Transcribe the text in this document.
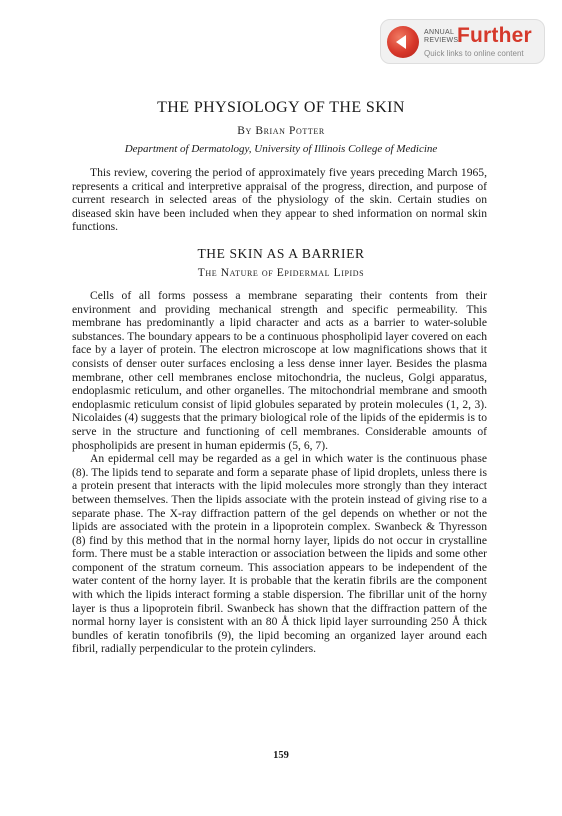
ANNUAL REVIEWS
Further
Quick links to online content
THE PHYSIOLOGY OF THE SKIN
By Brian Potter
Department of Dermatology, University of Illinois College of Medicine

This review, covering the period of approximately five years preceding March 1965, represents a critical and interpretive appraisal of the progress, direction, and purpose of current research in selected areas of the physiology of the skin. Certain studies on diseased skin have been included when they appear to shed information on normal skin functions.

THE SKIN AS A BARRIER
The Nature of Epidermal Lipids

Cells of all forms possess a membrane separating their contents from their environment and providing mechanical strength and specific permeability. This membrane has predominantly a lipid character and acts as a barrier to water-soluble substances. The boundary appears to be a continuous phospholipid layer covered on each face by a layer of protein. The electron microscope at low magnifications shows that it consists of denser outer surfaces enclosing a less dense inner layer. Besides the plasma membrane, other cell membranes enclose mitochondria, the nucleus, Golgi apparatus, endoplasmic reticulum, and other organelles. The mitochondrial membrane and smooth endoplasmic reticulum consist of lipid globules separated by protein molecules (1, 2, 3). Nicolaides (4) suggests that the primary biological role of the lipids of the epidermis is to serve in the structure and functioning of cell membranes. Considerable amounts of phospholipids are present in human epidermis (5, 6, 7).

An epidermal cell may be regarded as a gel in which water is the continuous phase (8). The lipids tend to separate and form a separate phase of lipid droplets, unless there is a protein present that interacts with the lipid molecules more strongly than they interact between themselves. Then the lipids associate with the protein instead of giving rise to a separate phase. The X-ray diffraction pattern of the gel depends on whether or not the lipids are associated with the protein in a lipoprotein complex. Swanbeck & Thyresson (8) find by this method that in the normal horny layer, lipids do not occur in crystalline form. There must be a stable interaction or association between the lipids and some other component of the stratum corneum. This association appears to be independent of the water content of the horny layer. It is probable that the keratin fibrils are the component with which the lipids interact forming a stable dispersion. The fibrillar unit of the horny layer is thus a lipoprotein fibril. Swanbeck has shown that the diffraction pattern of the normal horny layer is consistent with an 80 Å thick lipid layer surrounding 250 Å thick bundles of keratin tonofibrils (9), the lipid becoming an organized layer around each fibril, radially perpendicular to the protein cylinders.

159
